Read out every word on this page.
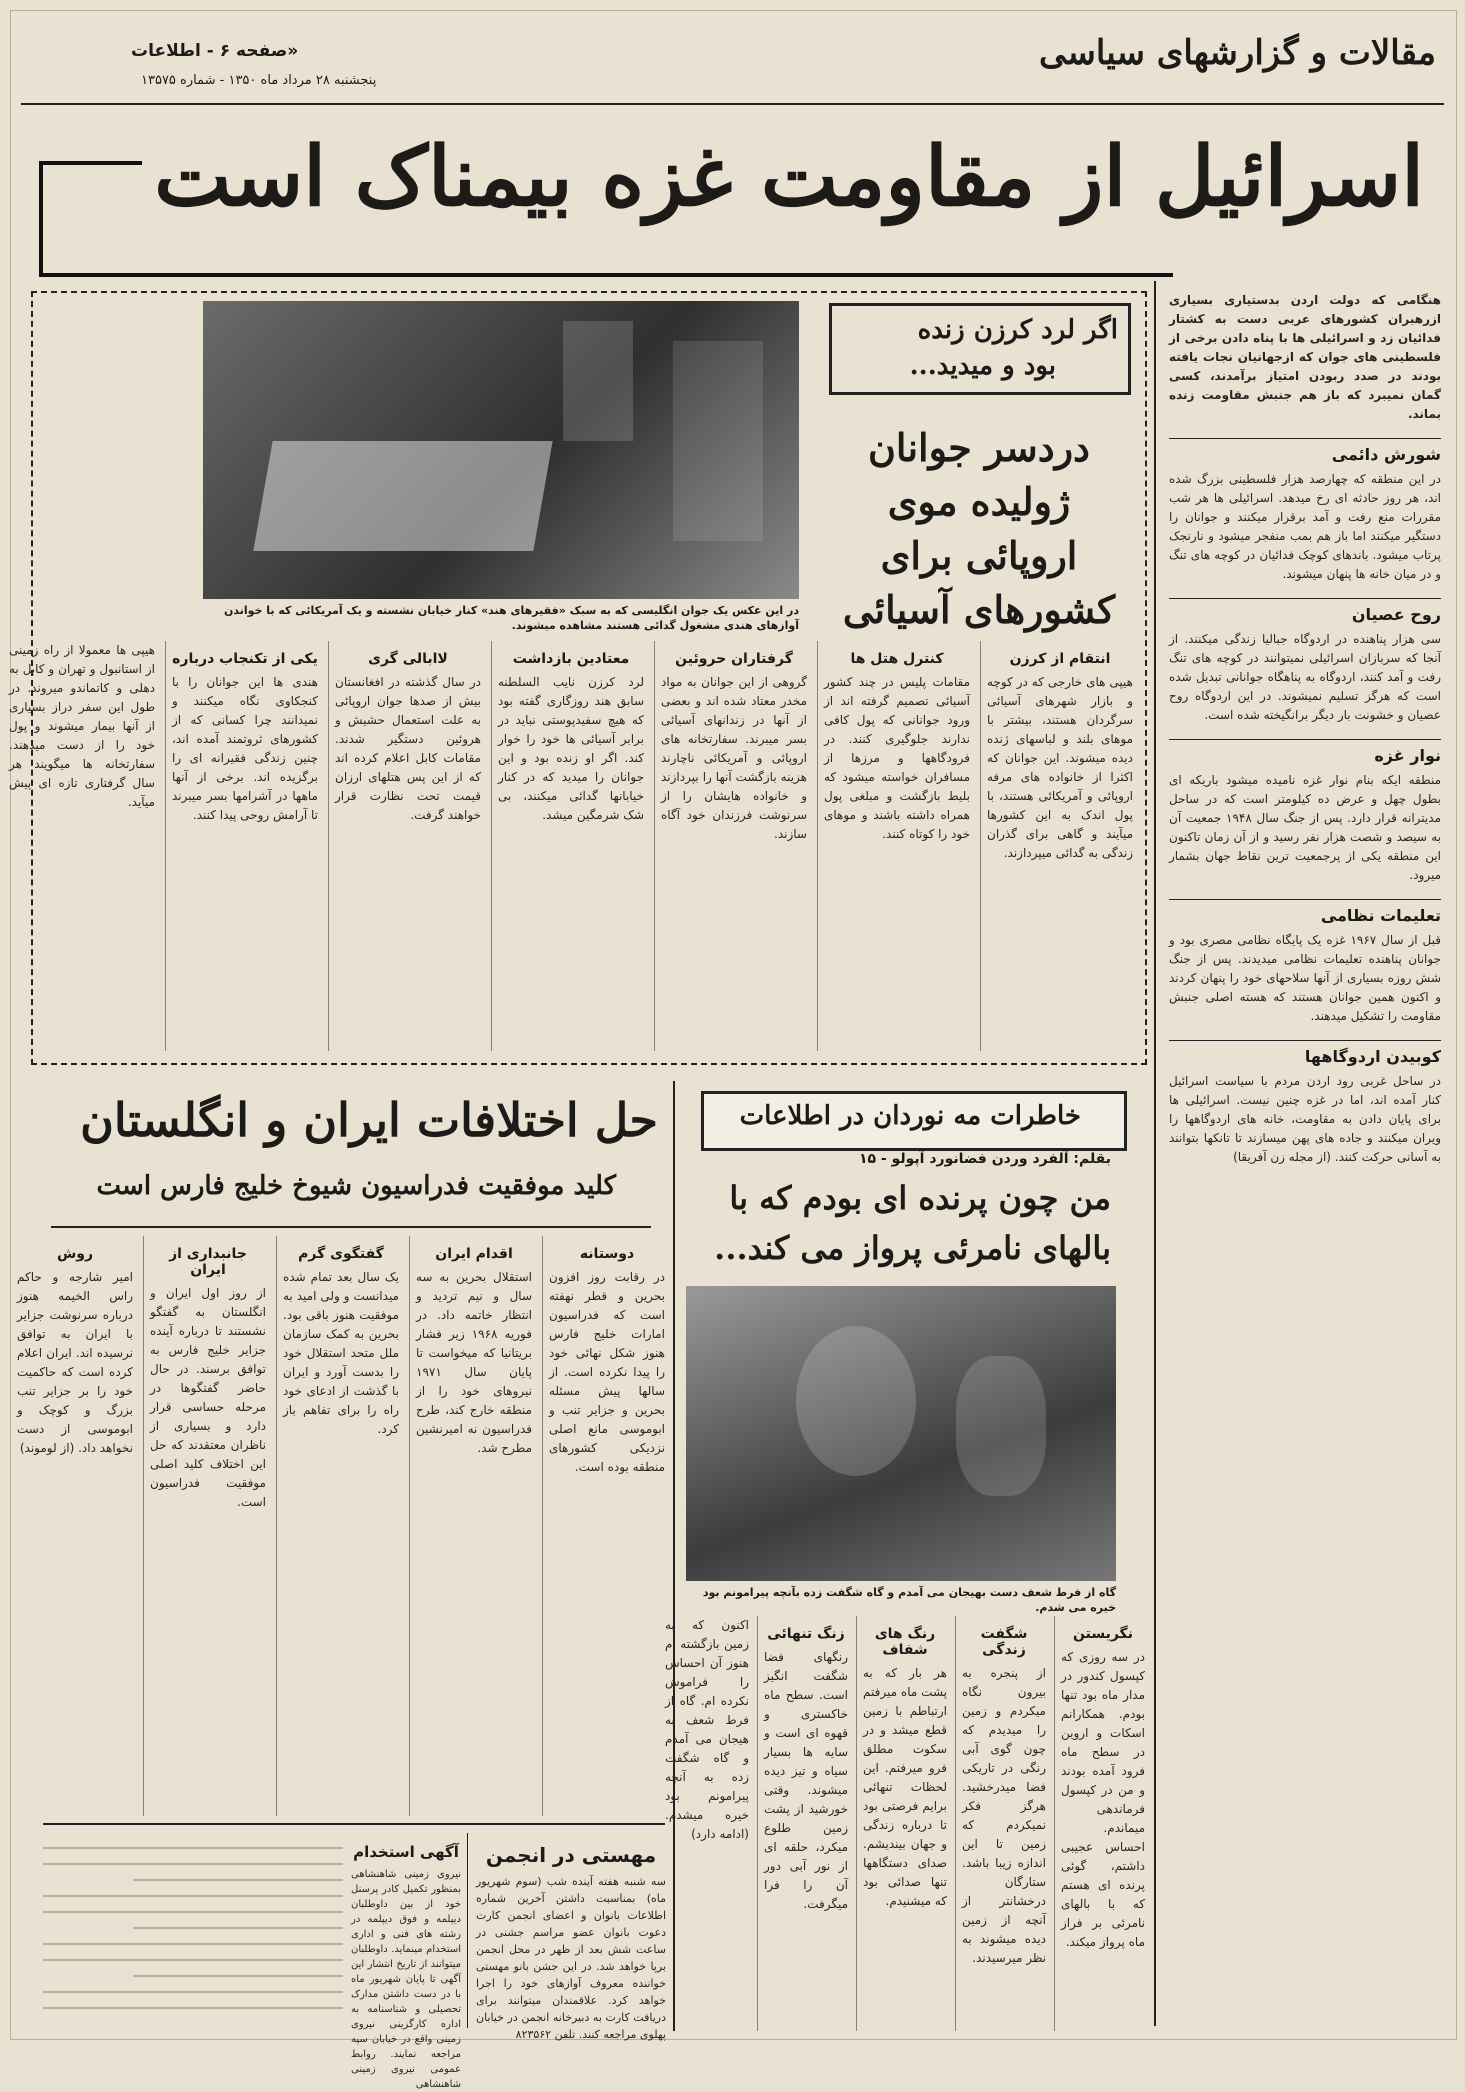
مقالات و گزارشهای سیاسی
«صفحه ۶ - اطلاعات
پنجشنبه ۲۸ مرداد ماه ۱۳۵۰ - شماره ۱۳۵۷۵
اسرائیل از مقاومت غزه بیمناک است
هنگامی که دولت اردن بدستیاری بسیاری ازرهبران کشورهای عربی دست به کشتار فدائیان زد و اسرائیلی ها با پناه دادن برخی از فلسطینی های جوان که ازجهانیان نجات یافته بودند در صدد ربودن امتیاز برآمدند، کسی گمان نمیبرد که باز هم جنبش مقاومت زنده بماند.
شورش دائمی
در این منطقه که چهارصد هزار فلسطینی بزرگ شده اند، هر روز حادثه ای رخ میدهد. اسرائیلی ها هر شب مقررات منع رفت و آمد برقرار میکنند و جوانان را دستگیر میکنند اما باز هم بمب منفجر میشود و نارنجک پرتاب میشود. باندهای کوچک فدائیان در کوچه های تنگ و در میان خانه ها پنهان میشوند.
روح عصیان
سی هزار پناهنده در اردوگاه جبالیا زندگی میکنند. از آنجا که سربازان اسرائیلی نمیتوانند در کوچه های تنگ رفت و آمد کنند، اردوگاه به پناهگاه جوانانی تبدیل شده است که هرگز تسلیم نمیشوند. در این اردوگاه روح عصیان و خشونت بار دیگر برانگیخته شده است.
نوار غزه
منطقه ایکه بنام نوار غزه نامیده میشود باریکه ای بطول چهل و عرض ده کیلومتر است که در ساحل مدیترانه قرار دارد. پس از جنگ سال ۱۹۴۸ جمعیت آن به سیصد و شصت هزار نفر رسید و از آن زمان تاکنون این منطقه یکی از پرجمعیت ترین نقاط جهان بشمار میرود.
تعلیمات نظامی
قبل از سال ۱۹۶۷ غزه یک پایگاه نظامی مصری بود و جوانان پناهنده تعلیمات نظامی میدیدند. پس از جنگ شش روزه بسیاری از آنها سلاحهای خود را پنهان کردند و اکنون همین جوانان هستند که هسته اصلی جنبش مقاومت را تشکیل میدهند.
کوبیدن اردوگاهها
در ساحل غربی رود اردن مردم با سیاست اسرائیل کنار آمده اند، اما در غزه چنین نیست. اسرائیلی ها برای پایان دادن به مقاومت، خانه های اردوگاهها را ویران میکنند و جاده های پهن میسازند تا تانکها بتوانند به آسانی حرکت کنند. (از مجله زن آفریقا)
در این عکس یک جوان انگلیسی که به سبک «فقیرهای هند» کنار خیابان نشسته و یک آمریکائی که با خواندن آوازهای هندی مشغول گدائی هستند مشاهده میشوند.
اگر لرد کرزن زنده
بود و میدید...
دردسر جوانان ژولیده موی اروپائی برای کشورهای آسیائی
انتقام از کرزن
هیپی های خارجی که در کوچه و بازار شهرهای آسیائی سرگردان هستند، بیشتر با موهای بلند و لباسهای ژنده دیده میشوند. این جوانان که اکثرا از خانواده های مرفه اروپائی و آمریکائی هستند، با پول اندک به این کشورها میآیند و گاهی برای گذران زندگی به گدائی میپردازند.
کنترل هتل ها
مقامات پلیس در چند کشور آسیائی تصمیم گرفته اند از ورود جوانانی که پول کافی ندارند جلوگیری کنند. در فرودگاهها و مرزها از مسافران خواسته میشود که بلیط بازگشت و مبلغی پول همراه داشته باشند و موهای خود را کوتاه کنند.
گرفتاران حروئین
گروهی از این جوانان به مواد مخدر معتاد شده اند و بعضی از آنها در زندانهای آسیائی بسر میبرند. سفارتخانه های اروپائی و آمریکائی ناچارند هزینه بازگشت آنها را بپردازند و خانواده هایشان را از سرنوشت فرزندان خود آگاه سازند.
معتادین بازداشت
لرد کرزن نایب السلطنه سابق هند روزگاری گفته بود که هیچ سفیدپوستی نباید در برابر آسیائی ها خود را خوار کند. اگر او زنده بود و این جوانان را میدید که در کنار خیابانها گدائی میکنند، بی شک شرمگین میشد.
لاابالی گری
در سال گذشته در افغانستان بیش از صدها جوان اروپائی به علت استعمال حشیش و هروئین دستگیر شدند. مقامات کابل اعلام کرده اند که از این پس هتلهای ارزان قیمت تحت نظارت قرار خواهند گرفت.
یکی از تکنجاب درباره
هندی ها این جوانان را با کنجکاوی نگاه میکنند و نمیدانند چرا کسانی که از کشورهای ثروتمند آمده اند، چنین زندگی فقیرانه ای را برگزیده اند. برخی از آنها ماهها در آشرامها بسر میبرند تا آرامش روحی پیدا کنند.
هیپی ها معمولا از راه زمینی از استانبول و تهران و کابل به دهلی و کاتماندو میروند. در طول این سفر دراز بسیاری از آنها بیمار میشوند و پول خود را از دست میدهند. سفارتخانه ها میگویند هر سال گرفتاری تازه ای پیش میآید.
حل اختلافات ایران و انگلستان
کلید موفقیت فدراسیون شیوخ خلیج فارس است
دوستانه
در رقابت روز افزون بحرین و قطر نهفته است که فدراسیون امارات خلیج فارس هنوز شکل نهائی خود را پیدا نکرده است. از سالها پیش مسئله بحرین و جزایر تنب و ابوموسی مانع اصلی نزدیکی کشورهای منطقه بوده است.
اقدام ایران
استقلال بحرین به سه سال و نیم تردید و انتظار خاتمه داد. در فوریه ۱۹۶۸ زیر فشار بریتانیا که میخواست تا پایان سال ۱۹۷۱ نیروهای خود را از منطقه خارج کند، طرح فدراسیون نه امیرنشین مطرح شد.
گفتگوی گرم
یک سال بعد تمام شده میدانست و ولی امید به موفقیت هنوز باقی بود. بحرین به کمک سازمان ملل متحد استقلال خود را بدست آورد و ایران با گذشت از ادعای خود راه را برای تفاهم باز کرد.
جانبداری از ایران
از روز اول ایران و انگلستان به گفتگو نشستند تا درباره آینده جزایر خلیج فارس به توافق برسند. در حال حاضر گفتگوها در مرحله حساسی قرار دارد و بسیاری از ناظران معتقدند که حل این اختلاف کلید اصلی موفقیت فدراسیون است.
روش
امیر شارجه و حاکم راس الخیمه هنوز درباره سرنوشت جزایر با ایران به توافق نرسیده اند. ایران اعلام کرده است که حاکمیت خود را بر جزایر تنب بزرگ و کوچک و ابوموسی از دست نخواهد داد. (از لوموند)
خاطرات مه نوردان در اطلاعات
بقلم: آلفرد وردن فضانورد آپولو - ۱۵
من چون پرنده ای بودم که با بالهای نامرئی پرواز می کند...
گاه از فرط شعف دست بهیجان می آمدم و گاه شگفت زده بآنچه پیرامونم بود خیره می شدم.
نگریستن
در سه روزی که کپسول کندور در مدار ماه بود تنها بودم. همکارانم اسکات و اروین در سطح ماه فرود آمده بودند و من در کپسول فرماندهی میماندم. احساس عجیبی داشتم، گوئی پرنده ای هستم که با بالهای نامرئی بر فراز ماه پرواز میکند.
شگفت زندگی
از پنجره به بیرون نگاه میکردم و زمین را میدیدم که چون گوی آبی رنگی در تاریکی فضا میدرخشید. هرگز فکر نمیکردم که زمین تا این اندازه زیبا باشد. ستارگان درخشانتر از آنچه از زمین دیده میشوند به نظر میرسیدند.
رنگ های شفاف
هر بار که به پشت ماه میرفتم ارتباطم با زمین قطع میشد و در سکوت مطلق فرو میرفتم. این لحظات تنهائی برایم فرصتی بود تا درباره زندگی و جهان بیندیشم. صدای دستگاهها تنها صدائی بود که میشنیدم.
زنگ تنهائی
رنگهای فضا شگفت انگیز است. سطح ماه خاکستری و قهوه ای است و سایه ها بسیار سیاه و تیز دیده میشوند. وقتی خورشید از پشت زمین طلوع میکرد، حلقه ای از نور آبی دور آن را فرا میگرفت.
اکنون که به زمین بازگشته ام هنوز آن احساس را فراموش نکرده ام. گاه از فرط شعف به هیجان می آمدم و گاه شگفت زده به آنچه پیرامونم بود خیره میشدم. (ادامه دارد)
مهستی در انجمن
سه شنبه هفته آینده شب (سوم شهریور ماه) بمناسبت داشتن آخرین شماره اطلاعات بانوان و اعضای انجمن کارت دعوت بانوان عضو مراسم جشنی در ساعت شش بعد از ظهر در محل انجمن برپا خواهد شد. در این جشن بانو مهستی خواننده معروف آوازهای خود را اجرا خواهد کرد. علاقمندان میتوانند برای دریافت کارت به دبیرخانه انجمن در خیابان پهلوی مراجعه کنند. تلفن ۸۲۳۵۶۲
آگهی استخدام
نیروی زمینی شاهنشاهی بمنظور تکمیل کادر پرسنل خود از بین داوطلبان دیپلمه و فوق دیپلمه در رشته های فنی و اداری استخدام مینماید. داوطلبان میتوانند از تاریخ انتشار این آگهی تا پایان شهریور ماه با در دست داشتن مدارک تحصیلی و شناسنامه به اداره کارگزینی نیروی زمینی واقع در خیابان سپه مراجعه نمایند. روابط عمومی نیروی زمینی شاهنشاهی
